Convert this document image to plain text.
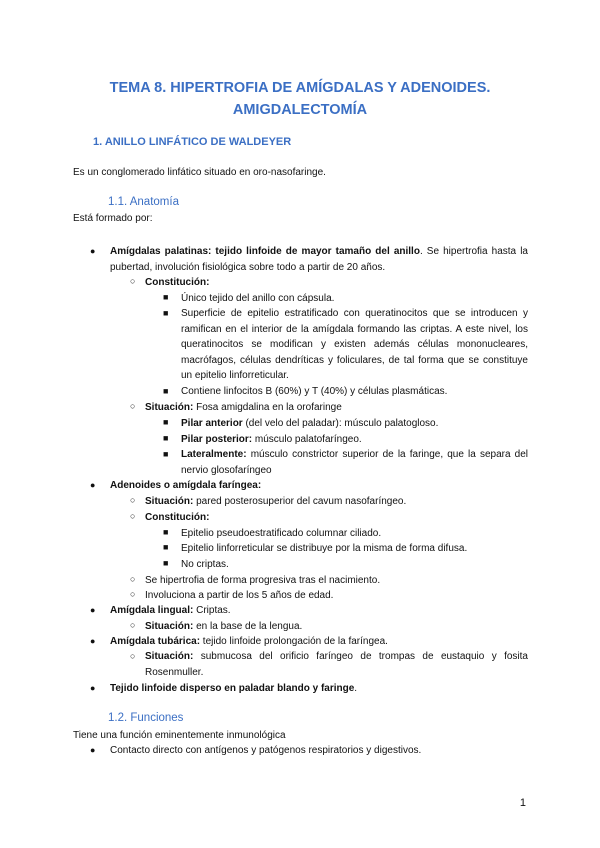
TEMA 8. HIPERTROFIA DE AMÍGDALAS Y ADENOIDES.
AMIGDALECTOMÍA
1. ANILLO LINFÁTICO DE WALDEYER
Es un conglomerado linfático situado en oro-nasofaringe.
1.1. Anatomía
Está formado por:
● Amígdalas palatinas: tejido linfoide de mayor tamaño del anillo. Se hipertrofia hasta la pubertad, involución fisiológica sobre todo a partir de 20 años.
○ Constitución:
■ Único tejido del anillo con cápsula.
■ Superficie de epitelio estratificado con queratinocitos que se introducen y ramifican en el interior de la amígdala formando las criptas. A este nivel, los queratinocitos se modifican y existen además células mononucleares, macrófagos, células dendríticas y foliculares, de tal forma que se constituye un epitelio linforreticular.
■ Contiene linfocitos B (60%) y T (40%) y células plasmáticas.
○ Situación: Fosa amigdalina en la orofaringe
■ Pilar anterior (del velo del paladar): músculo palatogloso.
■ Pilar posterior: músculo palatofaríngeo.
■ Lateralmente: músculo constrictor superior de la faringe, que la separa del nervio glosofaríngeo
● Adenoides o amígdala faríngea:
○ Situación: pared posterosuperior del cavum nasofaríngeo.
○ Constitución:
■ Epitelio pseudoestratificado columnar ciliado.
■ Epitelio linforreticular se distribuye por la misma de forma difusa.
■ No criptas.
○ Se hipertrofia de forma progresiva tras el nacimiento.
○ Involuciona a partir de los 5 años de edad.
● Amígdala lingual: Criptas.
○ Situación: en la base de la lengua.
● Amígdala tubárica: tejido linfoide prolongación de la faríngea.
○ Situación: submucosa del orificio faríngeo de trompas de eustaquio y fosita Rosenmuller.
● Tejido linfoide disperso en paladar blando y faringe.
1.2. Funciones
Tiene una función eminentemente inmunológica
● Contacto directo con antígenos y patógenos respiratorios y digestivos.
1
